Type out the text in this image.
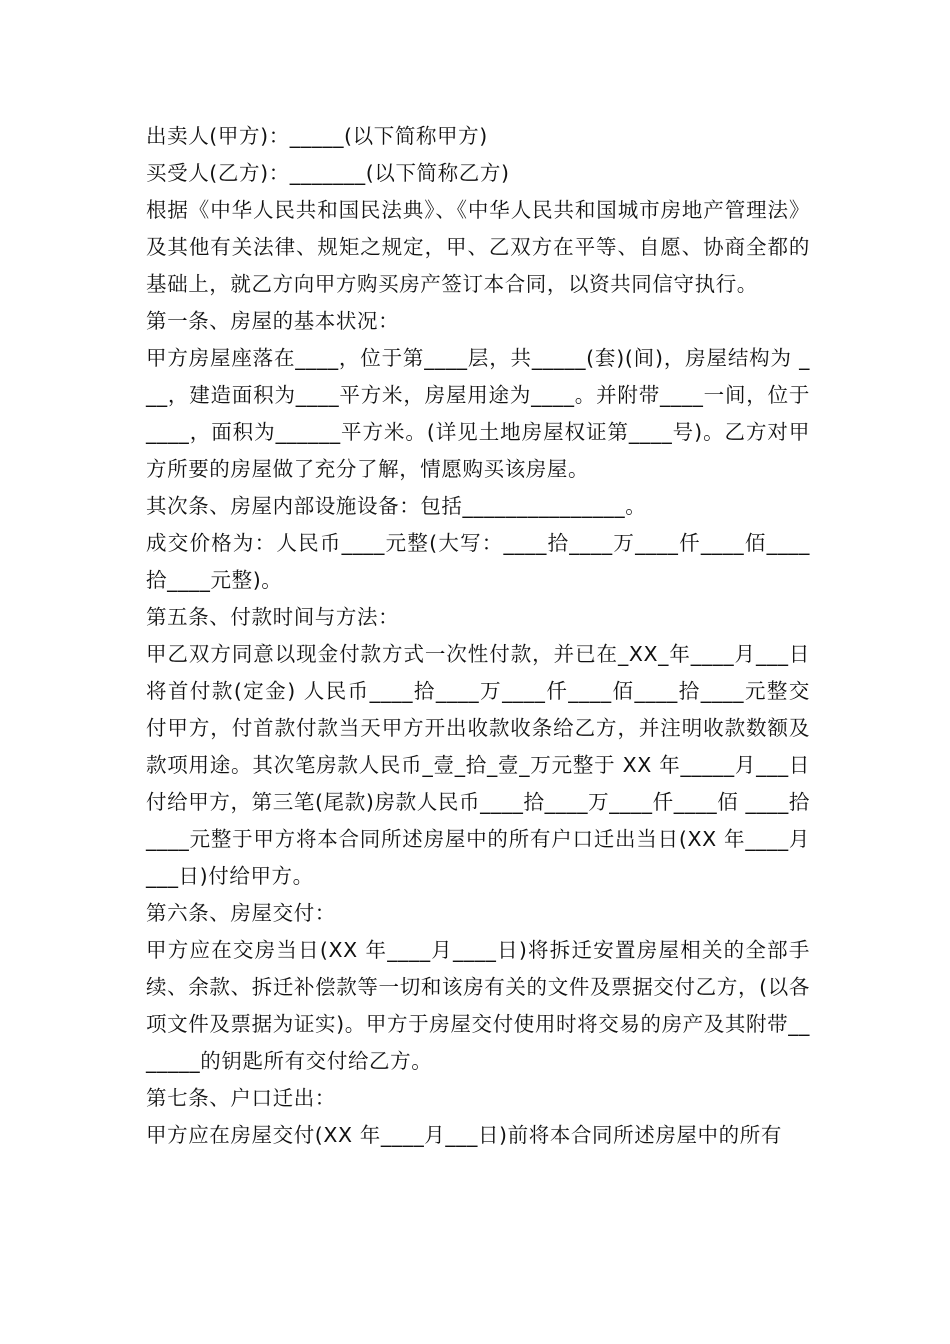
出卖人(甲方)：_____(以下简称甲方)

买受人(乙方)：_______(以下简称乙方)

根据《中华人民共和国民法典》、《中华人民共和国城市房地产管理法》及其他有关法律、规矩之规定，甲、乙双方在平等、自愿、协商全都的基础上，就乙方向甲方购买房产签订本合同，以资共同信守执行。

第一条、房屋的基本状况：

甲方房屋座落在____，位于第____层，共_____(套)(间)，房屋结构为 ___，建造面积为____平方米，房屋用途为____。并附带____一间，位于____，面积为______平方米。(详见土地房屋权证第____号)。乙方对甲方所要的房屋做了充分了解，情愿购买该房屋。

其次条、房屋内部设施设备：包括_______________。

成交价格为：人民币____元整(大写：____拾____万____仟____佰____拾____元整)。

第五条、付款时间与方法：

甲乙双方同意以现金付款方式一次性付款，并已在_XX_年____月___日将首付款(定金) 人民币____拾____万____仟____佰____拾____元整交付甲方，付首款付款当天甲方开出收款收条给乙方，并注明收款数额及款项用途。其次笔房款人民币_壹_拾_壹_万元整于 XX 年_____月___日付给甲方，第三笔(尾款)房款人民币____拾____万____仟____佰 ____拾____元整于甲方将本合同所述房屋中的所有户口迁出当日(XX 年____月___日)付给甲方。

第六条、房屋交付：

甲方应在交房当日(XX 年____月____日)将拆迁安置房屋相关的全部手续、余款、拆迁补偿款等一切和该房有关的文件及票据交付乙方，(以各项文件及票据为证实)。甲方于房屋交付使用时将交易的房产及其附带_______的钥匙所有交付给乙方。

第七条、户口迁出：

甲方应在房屋交付(XX 年____月___日)前将本合同所述房屋中的所有
